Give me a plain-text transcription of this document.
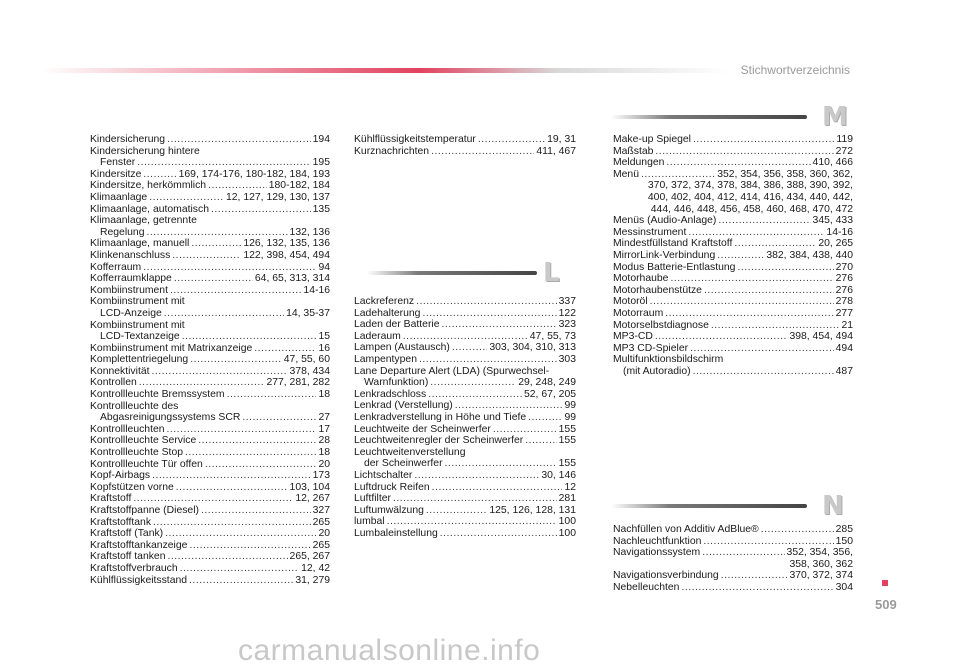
Stichwortverzeichnis
Kindersicherung .....	194
Kindersicherung hintere
Fenster .....	195
Kindersitze .....	169, 174-176, 180-182, 184, 193
Kindersitze, herkömmlich .....	180-182, 184
Klimaanlage .....	12, 127, 129, 130, 137
Klimaanlage, automatisch .....	135
Klimaanlage, getrennte
Regelung .....	132, 136
Klimaanlage, manuell .....	126, 132, 135, 136
Klinkenanschluss .....	122, 398, 454, 494
Kofferraum .....	94
Kofferraumklappe .....	64, 65, 313, 314
Kombiinstrument .....	14-16
Kombiinstrument mit
LCD-Anzeige .....	14, 35-37
Kombiinstrument mit
LCD-Textanzeige .....	15
Kombiinstrument mit Matrixanzeige .....	16
Komplettentriegelung .....	47, 55, 60
Konnektivität .....	378, 434
Kontrollen .....	277, 281, 282
Kontrollleuchte Bremssystem .....	18
Kontrollleuchte des
Abgasreinigungssystems SCR .....	27
Kontrollleuchten .....	17
Kontrollleuchte Service .....	28
Kontrollleuchte Stop .....	18
Kontrollleuchte Tür offen .....	20
Kopf-Airbags .....	173
Kopfstützen vorne .....	103, 104
Kraftstoff .....	12, 267
Kraftstoffpanne (Diesel) .....	327
Kraftstofftank .....	265
Kraftstoff (Tank) .....	20
Kraftstofftankanzeige .....	265
Kraftstoff tanken .....	265, 267
Kraftstoffverbrauch .....	12, 42
Kühlflüssigkeitsstand .....	31, 279
Kühlflüssigkeitstemperatur .....	19, 31
Kurznachrichten .....	411, 467
L
Lackreferenz .....	337
Ladehalterung .....	122
Laden der Batterie .....	323
Laderaum .....	47, 55, 73
Lampen (Austausch) .....	303, 304, 310, 313
Lampentypen .....	303
Lane Departure Alert (LDA) (Spurwechsel-
Warnfunktion) .....	29, 248, 249
Lenkradschloss .....	52, 67, 205
Lenkrad (Verstellung) .....	99
Lenkradverstellung in Höhe und Tiefe .....	99
Leuchtweite der Scheinwerfer .....	155
Leuchtweitenregler der Scheinwerfer .....	155
Leuchtweitenverstellung
der Scheinwerfer .....	155
Lichtschalter .....	30, 146
Luftdruck Reifen .....	12
Luftfilter .....	281
Luftumwälzung .....	125, 126, 128, 131
lumbal .....	100
Lumbaleinstellung .....	100
M
Make-up Spiegel .....	119
Maßstab .....	272
Meldungen .....	410, 466
Menü .....	352, 354, 356, 358, 360, 362,
370, 372, 374, 378, 384, 386, 388, 390, 392,
400, 402, 404, 412, 414, 416, 434, 440, 442,
444, 446, 448, 456, 458, 460, 468, 470, 472
Menüs (Audio-Anlage) .....	345, 433
Messinstrument .....	14-16
Mindestfüllstand Kraftstoff .....	20, 265
MirrorLink-Verbindung .....	382, 384, 438, 440
Modus Batterie-Entlastung .....	270
Motorhaube .....	276
Motorhaubenstütze .....	276
Motoröl .....	278
Motorraum .....	277
Motorselbstdiagnose .....	21
MP3-CD .....	398, 454, 494
MP3 CD-Spieler .....	494
Multifunktionsbildschirm
(mit Autoradio) .....	487
N
Nachfüllen von Additiv AdBlue® .....	285
Nachleuchtfunktion .....	150
Navigationssystem .....	352, 354, 356,
358, 360, 362
Navigationsverbindung .....	370, 372, 374
Nebelleuchten .....	304
509
carmanualsonline.info
